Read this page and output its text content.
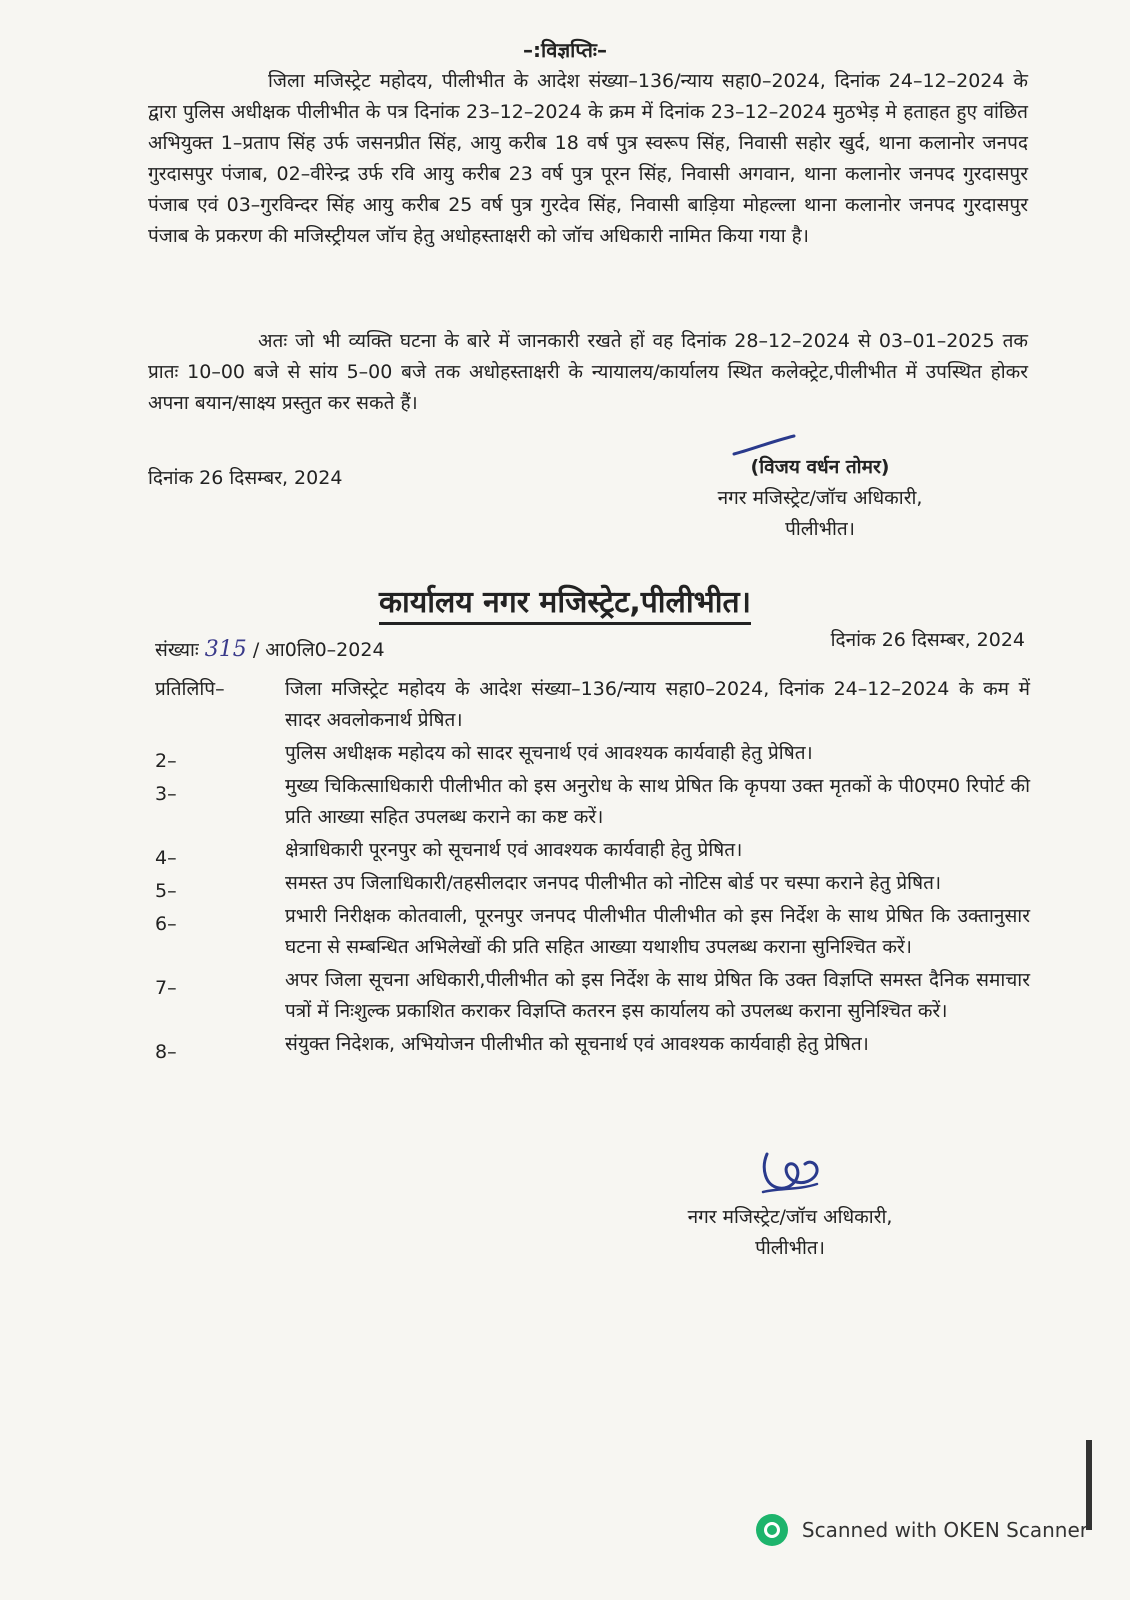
–:विज्ञप्तिः–
जिला मजिस्ट्रेट महोदय, पीलीभीत के आदेश संख्या–136/न्याय सहा0–2024, दिनांक 24–12–2024 के द्वारा पुलिस अधीक्षक पीलीभीत के पत्र दिनांक 23–12–2024 के क्रम में दिनांक 23–12–2024 मुठभेड़ मे हताहत हुए वांछित अभियुक्त 1–प्रताप सिंह उर्फ जसनप्रीत सिंह, आयु करीब 18 वर्ष पुत्र स्वरूप सिंह, निवासी सहोर खुर्द, थाना कलानोर जनपद गुरदासपुर पंजाब, 02–वीरेन्द्र उर्फ रवि आयु करीब 23 वर्ष पुत्र पूरन सिंह, निवासी अगवान, थाना कलानोर जनपद गुरदासपुर पंजाब एवं 03–गुरविन्दर सिंह आयु करीब 25 वर्ष पुत्र गुरदेव सिंह, निवासी बाड़िया मोहल्ला थाना कलानोर जनपद गुरदासपुर पंजाब के प्रकरण की मजिस्ट्रीयल जॉच हेतु अधोहस्ताक्षरी को जॉच अधिकारी नामित किया गया है।
अतः जो भी व्यक्ति घटना के बारे में जानकारी रखते हों वह दिनांक 28–12–2024 से 03–01–2025 तक प्रातः 10–00 बजे से सांय 5–00 बजे तक अधोहस्ताक्षरी के न्यायालय/कार्यालय स्थित कलेक्ट्रेट,पीलीभीत में उपस्थित होकर अपना बयान/साक्ष्य प्रस्तुत कर सकते हैं।
दिनांक 26 दिसम्बर, 2024	(विजय वर्धन तोमर)
नगर मजिस्ट्रेट/जॉच अधिकारी,
पीलीभीत।
कार्यालय नगर मजिस्ट्रेट,पीलीभीत।
संख्याः 315 / आ0लि0–2024	दिनांक 26 दिसम्बर, 2024
प्रतिलिपि–	जिला मजिस्ट्रेट महोदय के आदेश संख्या–136/न्याय सहा0–2024, दिनांक 24–12–2024 के कम में सादर अवलोकनार्थ प्रेषित।
2–	पुलिस अधीक्षक महोदय को सादर सूचनार्थ एवं आवश्यक कार्यवाही हेतु प्रेषित।
3–	मुख्य चिकित्साधिकारी पीलीभीत को इस अनुरोध के साथ प्रेषित कि कृपया उक्त मृतकों के पी0एम0 रिपोर्ट की प्रति आख्या सहित उपलब्ध कराने का कष्ट करें।
4–	क्षेत्राधिकारी पूरनपुर को सूचनार्थ एवं आवश्यक कार्यवाही हेतु प्रेषित।
5–	समस्त उप जिलाधिकारी/तहसीलदार जनपद पीलीभीत को नोटिस बोर्ड पर चस्पा कराने हेतु प्रेषित।
6–	प्रभारी निरीक्षक कोतवाली, पूरनपुर जनपद पीलीभीत पीलीभीत को इस निर्देश के साथ प्रेषित कि उक्तानुसार घटना से सम्बन्धित अभिलेखों की प्रति सहित आख्या यथाशीघ उपलब्ध कराना सुनिश्चित करें।
7–	अपर जिला सूचना अधिकारी,पीलीभीत को इस निर्देश के साथ प्रेषित कि उक्त विज्ञप्ति समस्त दैनिक समाचार पत्रों में निःशुल्क प्रकाशित कराकर विज्ञप्ति कतरन इस कार्यालय को उपलब्ध कराना सुनिश्चित करें।
8–	संयुक्त निदेशक, अभियोजन पीलीभीत को सूचनार्थ एवं आवश्यक कार्यवाही हेतु प्रेषित।
नगर मजिस्ट्रेट/जॉच अधिकारी,
पीलीभीत।
Scanned with OKEN Scanner
